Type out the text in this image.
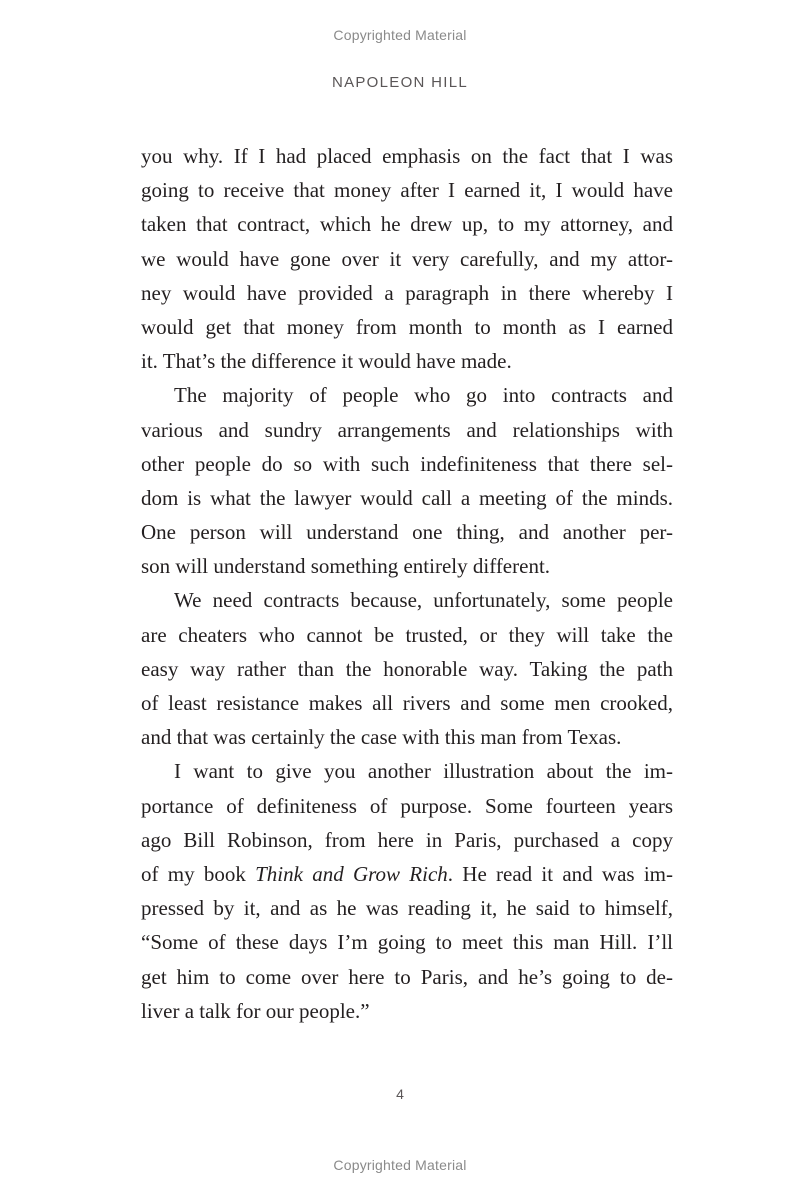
Copyrighted Material
NAPOLEON HILL
you why. If I had placed emphasis on the fact that I was
going to receive that money after I earned it, I would have
taken that contract, which he drew up, to my attorney, and
we would have gone over it very carefully, and my attor-
ney would have provided a paragraph in there whereby I
would get that money from month to month as I earned
it. That’s the difference it would have made.
The majority of people who go into contracts and
various and sundry arrangements and relationships with
other people do so with such indefiniteness that there sel-
dom is what the lawyer would call a meeting of the minds.
One person will understand one thing, and another per-
son will understand something entirely different.
We need contracts because, unfortunately, some people
are cheaters who cannot be trusted, or they will take the
easy way rather than the honorable way. Taking the path
of least resistance makes all rivers and some men crooked,
and that was certainly the case with this man from Texas.
I want to give you another illustration about the im-
portance of definiteness of purpose. Some fourteen years
ago Bill Robinson, from here in Paris, purchased a copy
of my book Think and Grow Rich. He read it and was im-
pressed by it, and as he was reading it, he said to himself,
“Some of these days I’m going to meet this man Hill. I’ll
get him to come over here to Paris, and he’s going to de-
liver a talk for our people.”
4
Copyrighted Material
